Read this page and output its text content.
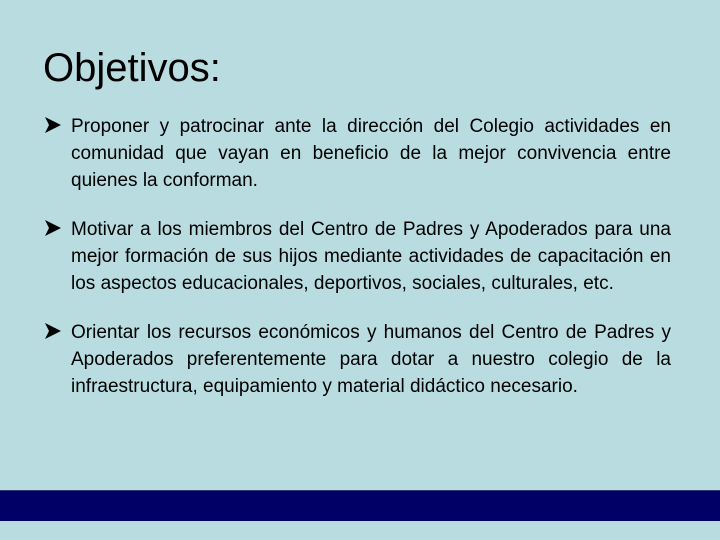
Objetivos:
Proponer y patrocinar ante la dirección del Colegio actividades en comunidad que vayan en beneficio de la mejor convivencia entre quienes la conforman.
Motivar a los miembros del Centro de Padres y Apoderados para una mejor formación de sus hijos mediante actividades de capacitación en los aspectos educacionales, deportivos, sociales, culturales, etc.
Orientar los recursos económicos y humanos del Centro de Padres y Apoderados preferentemente para dotar a nuestro colegio de la infraestructura, equipamiento y material didáctico necesario.
